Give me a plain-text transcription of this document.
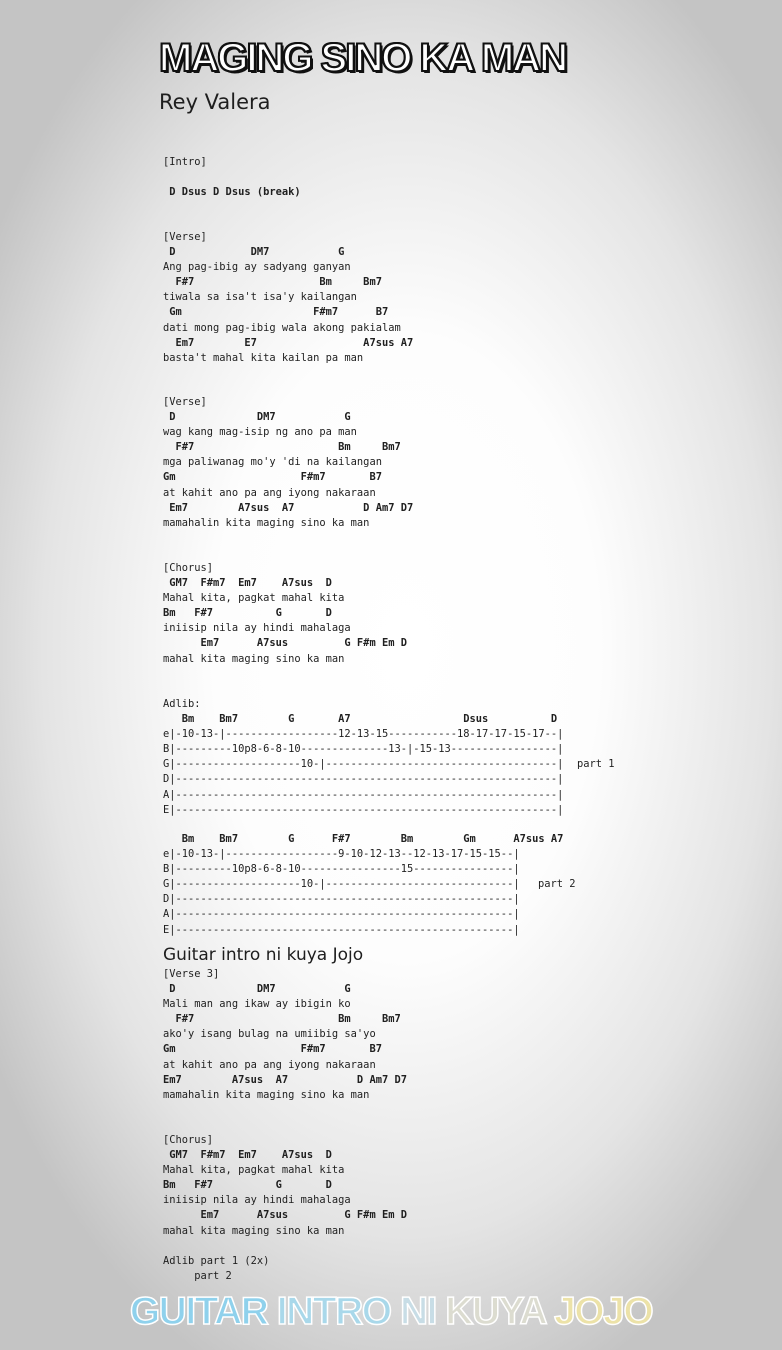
MAGING SINO KA MAN
Rey Valera
[Intro]

D Dsus D Dsus (break)
[Verse]
D            DM7           G
Ang pag-ibig ay sadyang ganyan
F#7                    Bm     Bm7
tiwala sa isa't isa'y kailangan
Gm                     F#m7      B7
dati mong pag-ibig wala akong pakialam
Em7        E7                 A7sus A7
basta't mahal kita kailan pa man
[Verse]
D             DM7           G
wag kang mag-isip ng ano pa man
F#7                       Bm     Bm7
mga paliwanag mo'y 'di na kailangan
Gm                    F#m7       B7
at kahit ano pa ang iyong nakaraan
Em7        A7sus  A7           D Am7 D7
mamahalin kita maging sino ka man
[Chorus]
GM7  F#m7  Em7    A7sus  D
Mahal kita, pagkat mahal kita
Bm   F#7          G       D
iniisip nila ay hindi mahalaga
Em7      A7sus         G F#m Em D
mahal kita maging sino ka man
Adlib:
Bm    Bm7        G       A7                  Dsus          D
e|-10-13-|------------------12-13-15-----------18-17-17-15-17--|
B|---------10p8-6-8-10--------------13-|-15-13-----------------|
G|--------------------10-|-------------------------------------|
D|-------------------------------------------------------------|
A|-------------------------------------------------------------|
E|-------------------------------------------------------------|
Bm    Bm7        G      F#7        Bm        Gm      A7sus A7
e|-10-13-|------------------9-10-12-13--12-13-17-15-15--|
B|---------10p8-6-8-10----------------15----------------|
G|--------------------10-|------------------------------|
D|------------------------------------------------------|
A|------------------------------------------------------|
E|------------------------------------------------------|
part 1
part 2
Guitar intro ni kuya Jojo
[Verse 3]
D             DM7           G
Mali man ang ikaw ay ibigin ko
F#7                       Bm     Bm7
ako'y isang bulag na umiibig sa'yo
Gm                    F#m7       B7
at kahit ano pa ang iyong nakaraan
Em7        A7sus  A7           D Am7 D7
mamahalin kita maging sino ka man
[Chorus]
GM7  F#m7  Em7    A7sus  D
Mahal kita, pagkat mahal kita
Bm   F#7          G       D
iniisip nila ay hindi mahalaga
Em7      A7sus         G F#m Em D
mahal kita maging sino ka man
Adlib part 1 (2x)
part 2
GUITAR INTRO NI KUYA JOJO
